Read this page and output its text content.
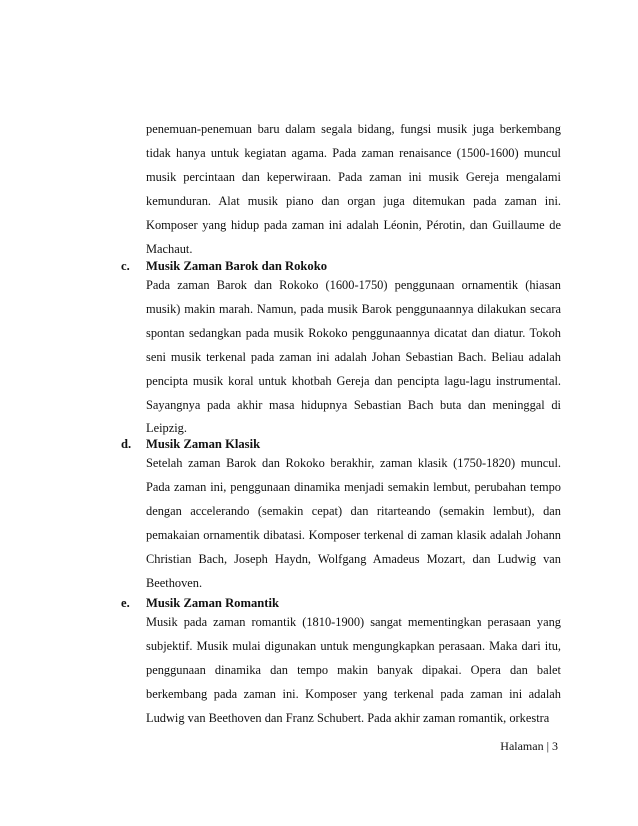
penemuan-penemuan baru dalam segala bidang, fungsi musik juga berkembang tidak hanya untuk kegiatan agama. Pada zaman renaisance (1500-1600) muncul musik percintaan dan keperwiraan. Pada zaman ini musik Gereja mengalami kemunduran. Alat musik piano dan organ juga ditemukan pada zaman ini. Komposer yang hidup pada zaman ini adalah Léonin, Pérotin, dan Guillaume de Machaut.

c. Musik Zaman Barok dan Rokoko

Pada zaman Barok dan Rokoko (1600-1750) penggunaan ornamentik (hiasan musik) makin marah. Namun, pada musik Barok penggunaannya dilakukan secara spontan sedangkan pada musik Rokoko penggunaannya dicatat dan diatur. Tokoh seni musik terkenal pada zaman ini adalah Johan Sebastian Bach. Beliau adalah pencipta musik koral untuk khotbah Gereja dan pencipta lagu-lagu instrumental. Sayangnya pada akhir masa hidupnya Sebastian Bach buta dan meninggal di Leipzig.

d. Musik Zaman Klasik

Setelah zaman Barok dan Rokoko berakhir, zaman klasik (1750-1820) muncul. Pada zaman ini, penggunaan dinamika menjadi semakin lembut, perubahan tempo dengan accelerando (semakin cepat) dan ritarteando (semakin lembut), dan pemakaian ornamentik dibatasi. Komposer terkenal di zaman klasik adalah Johann Christian Bach, Joseph Haydn, Wolfgang Amadeus Mozart, dan Ludwig van Beethoven.

e. Musik Zaman Romantik

Musik pada zaman romantik (1810-1900) sangat mementingkan perasaan yang subjektif. Musik mulai digunakan untuk mengungkapkan perasaan. Maka dari itu, penggunaan dinamika dan tempo makin banyak dipakai. Opera dan balet berkembang pada zaman ini. Komposer yang terkenal pada zaman ini adalah Ludwig van Beethoven dan Franz Schubert. Pada akhir zaman romantik, orkestra

Halaman | 3
